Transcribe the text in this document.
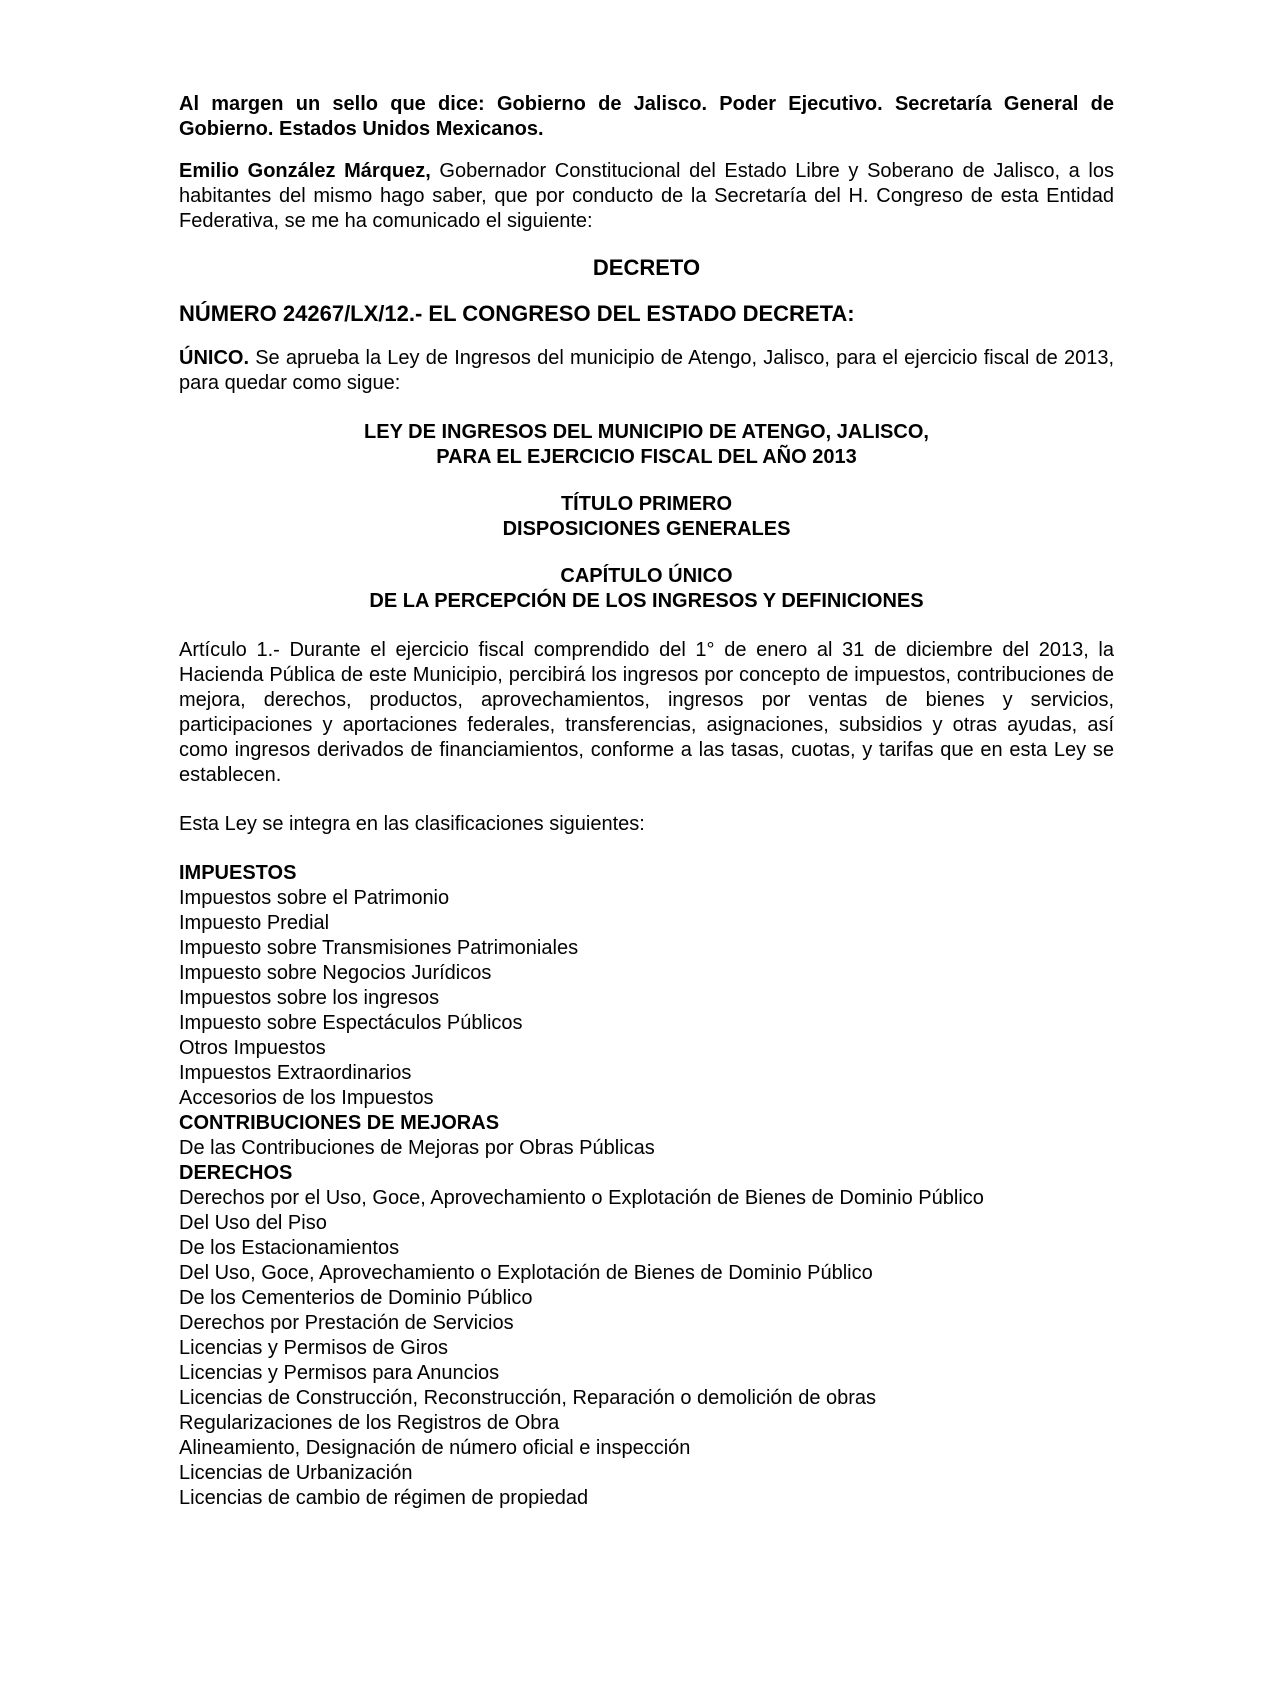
Al margen un sello que dice: Gobierno de Jalisco. Poder Ejecutivo. Secretaría General de Gobierno. Estados Unidos Mexicanos.

Emilio González Márquez, Gobernador Constitucional del Estado Libre y Soberano de Jalisco, a los habitantes del mismo hago saber, que por conducto de la Secretaría del H. Congreso de esta Entidad Federativa, se me ha comunicado el siguiente:

DECRETO

NÚMERO 24267/LX/12.- EL CONGRESO DEL ESTADO DECRETA:

ÚNICO. Se aprueba la Ley de Ingresos del municipio de Atengo, Jalisco, para el ejercicio fiscal de 2013, para quedar como sigue:

LEY DE INGRESOS DEL MUNICIPIO DE ATENGO, JALISCO,

PARA EL EJERCICIO FISCAL DEL AÑO 2013

TÍTULO PRIMERO

DISPOSICIONES GENERALES

CAPÍTULO ÚNICO

DE LA PERCEPCIÓN DE LOS INGRESOS Y DEFINICIONES

Artículo 1.- Durante el ejercicio fiscal comprendido del 1° de enero al 31 de diciembre del 2013, la Hacienda Pública de este Municipio, percibirá los ingresos por concepto de impuestos, contribuciones de mejora, derechos, productos, aprovechamientos, ingresos por ventas de bienes y servicios, participaciones y aportaciones federales, transferencias, asignaciones, subsidios y otras ayudas, así como ingresos derivados de financiamientos, conforme a las tasas, cuotas, y tarifas que en esta Ley se establecen.

Esta Ley se integra en las clasificaciones siguientes:

IMPUESTOS

Impuestos sobre el Patrimonio

Impuesto Predial

Impuesto sobre Transmisiones Patrimoniales

Impuesto sobre Negocios Jurídicos

Impuestos sobre los ingresos

Impuesto sobre Espectáculos Públicos

Otros Impuestos

Impuestos Extraordinarios

Accesorios de los Impuestos

CONTRIBUCIONES DE MEJORAS

De las Contribuciones de Mejoras por Obras Públicas

DERECHOS

Derechos por el Uso, Goce, Aprovechamiento o Explotación de Bienes de Dominio Público

Del Uso del Piso

De los Estacionamientos

Del Uso, Goce, Aprovechamiento o Explotación de Bienes de Dominio Público

De los Cementerios de Dominio Público

Derechos por Prestación de Servicios

Licencias y Permisos de Giros

Licencias y Permisos para Anuncios

Licencias de Construcción, Reconstrucción, Reparación o demolición de obras

Regularizaciones de los Registros de Obra

Alineamiento, Designación de número oficial e inspección

Licencias de Urbanización

Licencias de cambio de régimen de propiedad
